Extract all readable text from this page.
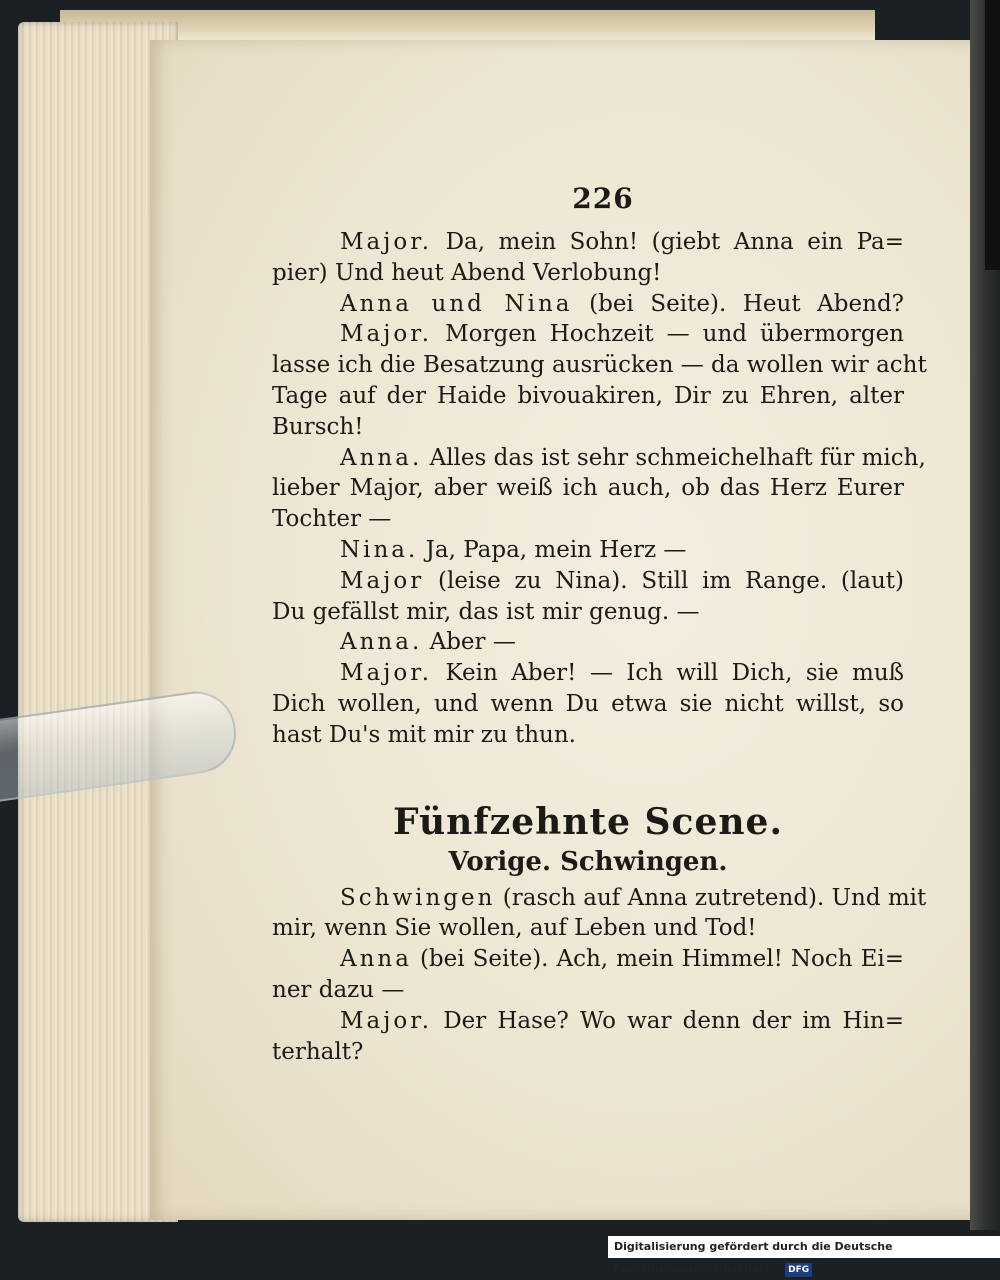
226
Major. Da, mein Sohn! (giebt Anna ein Pa=
pier) Und heut Abend Verlobung!
Anna und Nina (bei Seite). Heut Abend?
Major. Morgen Hochzeit — und übermorgen
lasse ich die Besatzung ausrücken — da wollen wir acht
Tage auf der Haide bivouakiren, Dir zu Ehren, alter
Bursch!
Anna. Alles das ist sehr schmeichelhaft für mich,
lieber Major, aber weiß ich auch, ob das Herz Eurer
Tochter —
Nina. Ja, Papa, mein Herz —
Major (leise zu Nina). Still im Range. (laut)
Du gefällst mir, das ist mir genug. —
Anna. Aber —
Major. Kein Aber! — Ich will Dich, sie muß
Dich wollen, und wenn Du etwa sie nicht willst, so
hast Du's mit mir zu thun.
Fünfzehnte Scene.
Vorige. Schwingen.
Schwingen (rasch auf Anna zutretend). Und mit
mir, wenn Sie wollen, auf Leben und Tod!
Anna (bei Seite). Ach, mein Himmel! Noch Ei=
ner dazu —
Major. Der Hase? Wo war denn der im Hin=
terhalt?
Digitalisierung gefördert durch die Deutsche Forschungsgemeinschaft · DFG
